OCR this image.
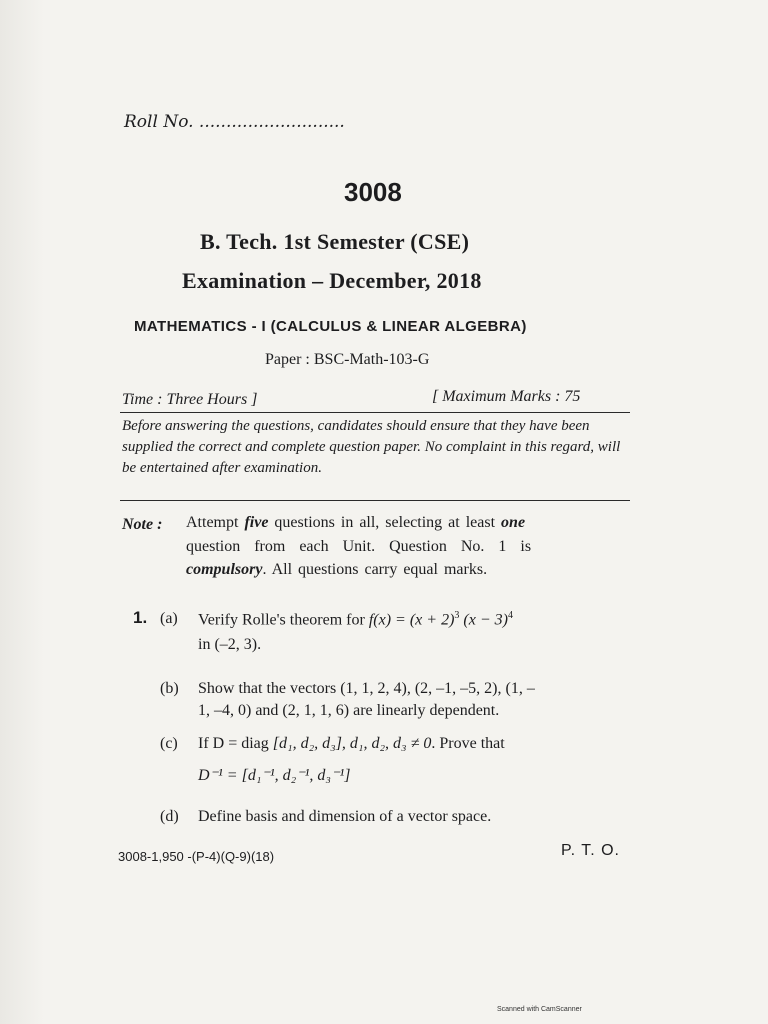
Roll No. ...........................
3008
B. Tech. 1st Semester (CSE)
Examination – December, 2018
MATHEMATICS - I (CALCULUS & LINEAR ALGEBRA)
Paper : BSC-Math-103-G
Time : Three Hours ]	[ Maximum Marks : 75
Before answering the questions, candidates should ensure that they have been supplied the correct and complete question paper. No complaint in this regard, will be entertained after examination.
Note : Attempt five questions in all, selecting at least one
question from each Unit. Question No. 1 is
compulsory. All questions carry equal marks.
1. (a) Verify Rolle's theorem for $f(x) = (x + 2)^3$ $(x - 3)^4$
in (–2, 3).
(b) Show that the vectors (1, 1, 2, 4), (2, –1, –5, 2), (1, –
1, –4, 0) and (2, 1, 1, 6) are linearly dependent.
(c) If D = diag [d₁, d₂, d₃], d₁, d₂, d₃ ≠ 0. Prove that
D⁻¹ = [d₁⁻¹, d₂⁻¹, d₃⁻¹]
(d) Define basis and dimension of a vector space.
3008-1,950 -(P-4)(Q-9)(18)	P. T. O.
Scanned with CamScanner
